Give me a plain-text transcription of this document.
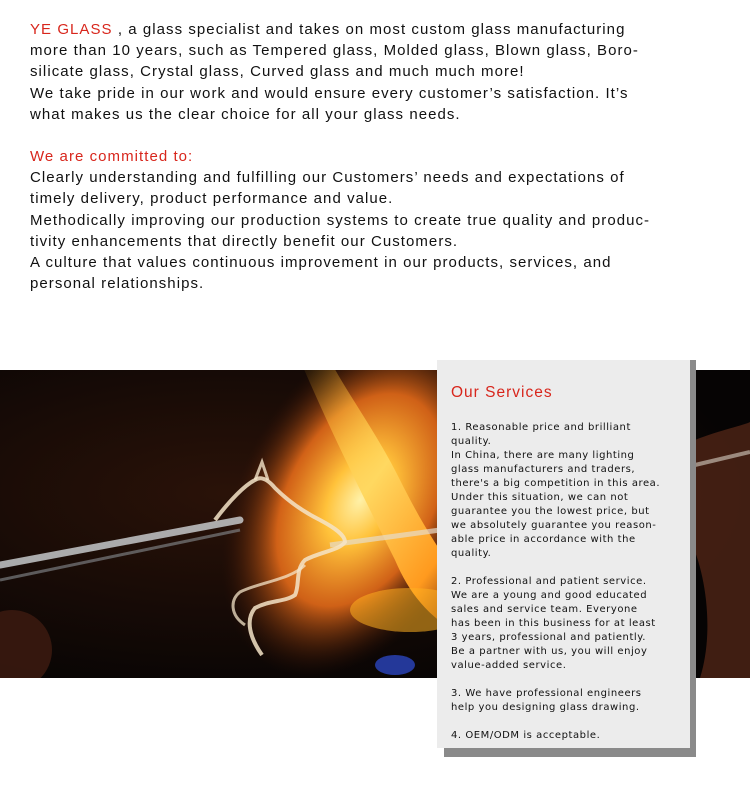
YE GLASS , a glass specialist and takes on most custom glass manufacturing

more than 10 years, such as Tempered glass, Molded glass, Blown glass, Boro-

silicate glass, Crystal glass, Curved glass and much much more!

We take pride in our work and would ensure every customer’s satisfaction. It’s

what makes us the clear choice for all your glass needs.

We are committed to:

Clearly understanding and fulfilling our Customers’ needs and expectations of

timely delivery, product performance and value.

Methodically improving our production systems to create true quality and produc-

tivity enhancements that directly benefit our Customers.

A culture that values continuous improvement in our products, services, and

personal relationships.

Our Services
1. Reasonable price and brilliant
quality.
In China, there are many lighting
glass manufacturers and traders,
there's a big competition in this area.
Under this situation, we can not
guarantee you the lowest price, but
we absolutely guarantee you reason-
able price in accordance with the
quality.
2. Professional and patient service.
We are a young and good educated
sales and service team. Everyone
has been in this business for at least
3 years, professional and patiently.
Be a partner with us, you will enjoy
value-added service.
3. We have professional engineers
help you designing glass drawing.
4. OEM/ODM is acceptable.
